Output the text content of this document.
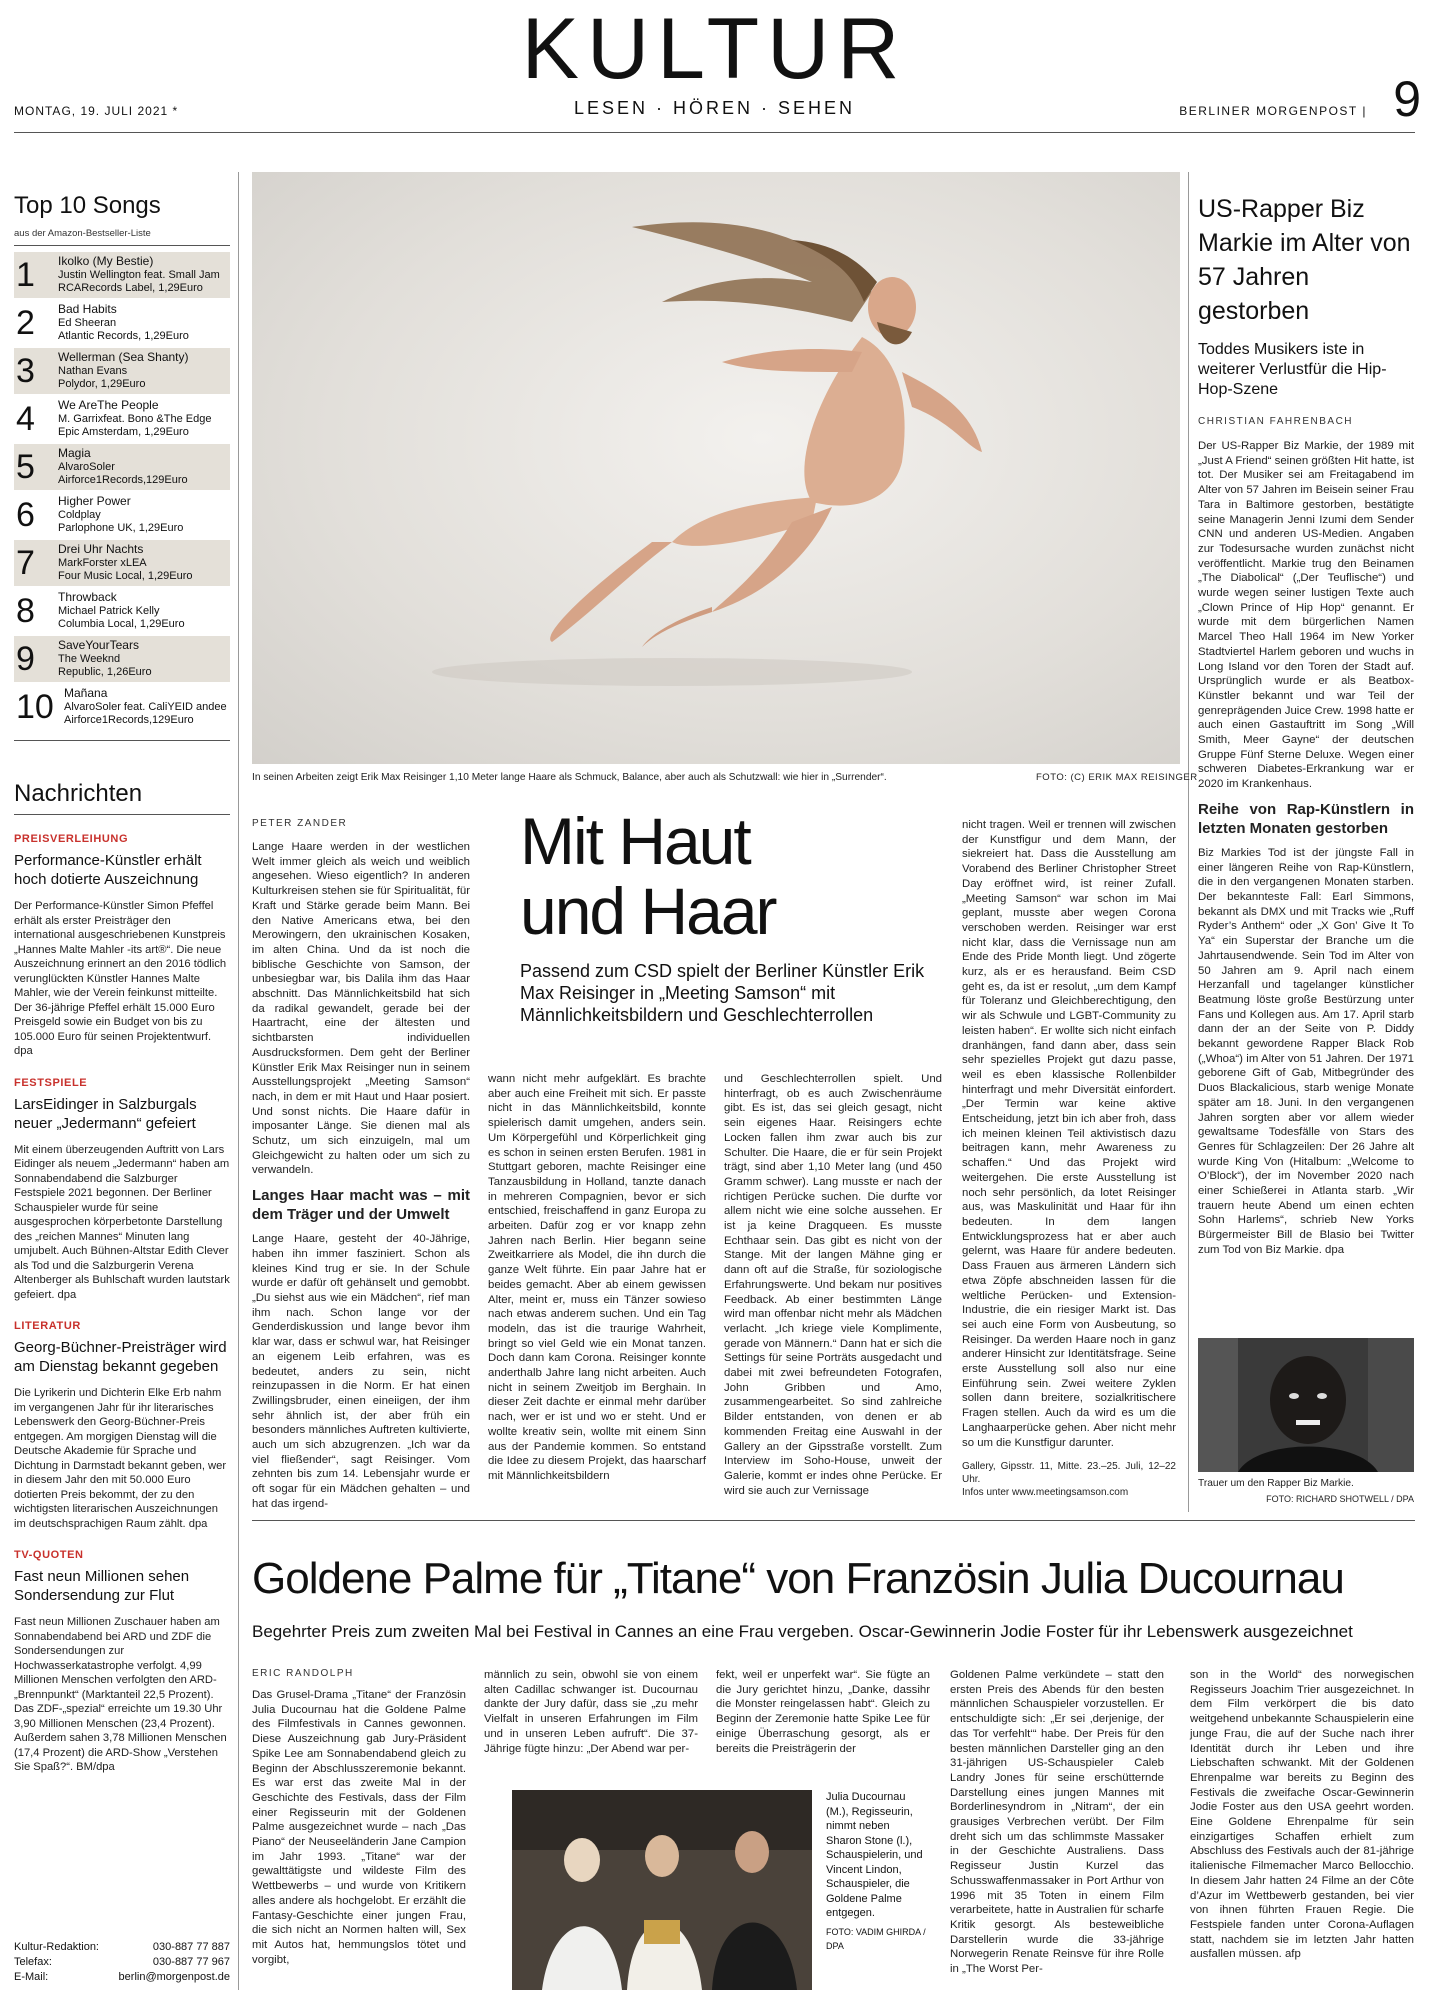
KULTUR
LESEN · HÖREN · SEHEN
MONTAG, 19. JULI 2021 *	BERLINER MORGENPOST | 9
Top 10 Songs
aus der Amazon-Bestseller-Liste
1 Ikolko (My Bestie)
Justin Wellington feat. Small Jam
RCARecords Label, 1,29Euro
2 Bad Habits
Ed Sheeran
Atlantic Records, 1,29Euro
3 Wellerman (Sea Shanty)
Nathan Evans
Polydor, 1,29Euro
4 We AreThe People
M. Garrixfeat. Bono &The Edge
Epic Amsterdam, 1,29Euro
5 Magia
AlvaroSoler
Airforce1Records,129Euro
6 Higher Power
Coldplay
Parlophone UK, 1,29Euro
7 Drei Uhr Nachts
MarkForster xLEA
Four Music Local, 1,29Euro
8 Throwback
Michael Patrick Kelly
Columbia Local, 1,29Euro
9 SaveYourTears
The Weeknd
Republic, 1,26Euro
10 Mañana
AlvaroSoler feat. CaliYEID andee
Airforce1Records,129Euro
Nachrichten
PREISVERLEIHUNG
Performance-Künstler erhält hoch dotierte Auszeichnung
Der Performance-Künstler Simon Pfeffel erhält als erster Preisträger den international ausgeschriebenen Kunstpreis „Hannes Malte Mahler -its art®“. Die neue Auszeichnung erinnert an den 2016 tödlich verunglückten Künstler Hannes Malte Mahler, wie der Verein feinkunst mitteilte. Der 36-jährige Pfeffel erhält 15.000 Euro Preisgeld sowie ein Budget von bis zu 105.000 Euro für seinen Projektentwurf. dpa
FESTSPIELE
LarsEidinger in Salzburgals neuer „Jedermann“ gefeiert
Mit einem überzeugenden Auftritt von Lars Eidinger als neuem „Jedermann“ haben am Sonnabendabend die Salzburger Festspiele 2021 begonnen. Der Berliner Schauspieler wurde für seine ausgesprochen körperbetonte Darstellung des „reichen Mannes“ Minuten lang umjubelt. Auch Bühnen-Altstar Edith Clever als Tod und die Salzburgerin Verena Altenberger als Buhlschaft wurden lautstark gefeiert. dpa
LITERATUR
Georg-Büchner-Preisträger wird am Dienstag bekannt gegeben
Die Lyrikerin und Dichterin Elke Erb nahm im vergangenen Jahr für ihr literarisches Lebenswerk den Georg-Büchner-Preis entgegen. Am morgigen Dienstag will die Deutsche Akademie für Sprache und Dichtung in Darmstadt bekannt geben, wer in diesem Jahr den mit 50.000 Euro dotierten Preis bekommt, der zu den wichtigsten literarischen Auszeichnungen im deutschsprachigen Raum zählt. dpa
TV-QUOTEN
Fast neun Millionen sehen Sondersendung zur Flut
Fast neun Millionen Zuschauer haben am Sonnabendabend bei ARD und ZDF die Sondersendungen zur Hochwasserkatastrophe verfolgt. 4,99 Millionen Menschen verfolgten den ARD-„Brennpunkt“ (Marktanteil 22,5 Prozent). Das ZDF-„spezial“ erreichte um 19.30 Uhr 3,90 Millionen Menschen (23,4 Prozent). Außerdem sahen 3,78 Millionen Menschen (17,4 Prozent) die ARD-Show „Verstehen Sie Spaß?“. BM/dpa
Kultur-Redaktion:	030-887 77 887
Telefax:	030-887 77 967
E-Mail:	berlin@morgenpost.de
In seinen Arbeiten zeigt Erik Max Reisinger 1,10 Meter lange Haare als Schmuck, Balance, aber auch als Schutzwall: wie hier in „Surrender“.	FOTO: (C) ERIK MAX REISINGER
PETER ZANDER

Lange Haare werden in der westlichen Welt immer gleich als weich und weiblich angesehen. Wieso eigentlich? In anderen Kulturkreisen stehen sie für Spiritualität, für Kraft und Stärke gerade beim Mann. Bei den Native Americans etwa, bei den Merowingern, den ukrainischen Kosaken, im alten China. Und da ist noch die biblische Geschichte von Samson, der unbesiegbar war, bis Dalila ihm das Haar abschnitt. Das Männlichkeitsbild hat sich da radikal gewandelt, gerade bei der Haartracht, eine der ältesten und sichtbarsten individuellen Ausdrucksformen. Dem geht der Berliner Künstler Erik Max Reisinger nun in seinem Ausstellungsprojekt „Meeting Samson“ nach, in dem er mit Haut und Haar posiert. Und sonst nichts. Die Haare dafür in imposanter Länge. Sie dienen mal als Schutz, um sich einzuigeln, mal um Gleichgewicht zu halten oder um sich zu verwandeln.

Langes Haar macht was – mit dem Träger und der Umwelt

Lange Haare, gesteht der 40-Jährige, haben ihn immer fasziniert. Schon als kleines Kind trug er sie. In der Schule wurde er dafür oft gehänselt und gemobbt. „Du siehst aus wie ein Mädchen“, rief man ihm nach. Schon lange vor der Genderdiskussion und lange bevor ihm klar war, dass er schwul war, hat Reisinger an eigenem Leib erfahren, was es bedeutet, anders zu sein, nicht reinzupassen in die Norm. Er hat einen Zwillingsbruder, einen eineiigen, der ihm sehr ähnlich ist, der aber früh ein besonders männliches Auftreten kultivierte, auch um sich abzugrenzen. „Ich war da viel fließender“, sagt Reisinger. Vom zehnten bis zum 14. Lebensjahr wurde er oft sogar für ein Mädchen gehalten – und hat das irgend-

Mit Haut
und Haar
Passend zum CSD spielt der Berliner Künstler Erik Max Reisinger in „Meeting Samson“ mit Männlichkeitsbildern und Geschlechterrollen

wann nicht mehr aufgeklärt. Es brachte aber auch eine Freiheit mit sich. Er passte nicht in das Männlichkeitsbild, konnte spielerisch damit umgehen, anders sein. Um Körpergefühl und Körperlichkeit ging es schon in seinen ersten Berufen. 1981 in Stuttgart geboren, machte Reisinger eine Tanzausbildung in Holland, tanzte danach in mehreren Compagnien, bevor er sich entschied, freischaffend in ganz Europa zu arbeiten. Dafür zog er vor knapp zehn Jahren nach Berlin. Hier begann seine Zweitkarriere als Model, die ihn durch die ganze Welt führte. Ein paar Jahre hat er beides gemacht. Aber ab einem gewissen Alter, meint er, muss ein Tänzer sowieso nach etwas anderem suchen. Und ein Tag modeln, das ist die traurige Wahrheit, bringt so viel Geld wie ein Monat tanzen. Doch dann kam Corona. Reisinger konnte anderthalb Jahre lang nicht arbeiten. Auch nicht in seinem Zweitjob im Berghain. In dieser Zeit dachte er einmal mehr darüber nach, wer er ist und wo er steht. Und er wollte kreativ sein, wollte mit einem Sinn aus der Pandemie kommen. So entstand die Idee zu diesem Projekt, das haarscharf mit Männlichkeitsbildern

und Geschlechterrollen spielt. Und hinterfragt, ob es auch Zwischenräume gibt. Es ist, das sei gleich gesagt, nicht sein eigenes Haar. Reisingers echte Locken fallen ihm zwar auch bis zur Schulter. Die Haare, die er für sein Projekt trägt, sind aber 1,10 Meter lang (und 450 Gramm schwer). Lang musste er nach der richtigen Perücke suchen. Die durfte vor allem nicht wie eine solche aussehen. Er ist ja keine Dragqueen. Es musste Echthaar sein. Das gibt es nicht von der Stange. Mit der langen Mähne ging er dann oft auf die Straße, für soziologische Erfahrungswerte. Und bekam nur positives Feedback. Ab einer bestimmten Länge wird man offenbar nicht mehr als Mädchen verlacht. „Ich kriege viele Komplimente, gerade von Männern.“ Dann hat er sich die Settings für seine Porträts ausgedacht und dabei mit zwei befreundeten Fotografen, John Gribben und Amo, zusammengearbeitet. So sind zahlreiche Bilder entstanden, von denen er ab kommenden Freitag eine Auswahl in der Gallery an der Gipsstraße vorstellt. Zum Interview im Soho-House, unweit der Galerie, kommt er indes ohne Perücke. Er wird sie auch zur Vernissage

nicht tragen. Weil er trennen will zwischen der Kunstfigur und dem Mann, der siekreiert hat. Dass die Ausstellung am Vorabend des Berliner Christopher Street Day eröffnet wird, ist reiner Zufall. „Meeting Samson“ war schon im Mai geplant, musste aber wegen Corona verschoben werden. Reisinger war erst nicht klar, dass die Vernissage nun am Ende des Pride Month liegt. Und zögerte kurz, als er es herausfand. Beim CSD geht es, da ist er resolut, „um dem Kampf für Toleranz und Gleichberechtigung, den wir als Schwule und LGBT-Community zu leisten haben“. Er wollte sich nicht einfach dranhängen, fand dann aber, dass sein sehr spezielles Projekt gut dazu passe, weil es eben klassische Rollenbilder hinterfragt und mehr Diversität einfordert. „Der Termin war keine aktive Entscheidung, jetzt bin ich aber froh, dass ich meinen kleinen Teil aktivistisch dazu beitragen kann, mehr Awareness zu schaffen.“ Und das Projekt wird weitergehen. Die erste Ausstellung ist noch sehr persönlich, da lotet Reisinger aus, was Maskulinität und Haar für ihn bedeuten. In dem langen Entwicklungsprozess hat er aber auch gelernt, was Haare für andere bedeuten. Dass Frauen aus ärmeren Ländern sich etwa Zöpfe abschneiden lassen für die weltliche Perücken- und Extension-Industrie, die ein riesiger Markt ist. Das sei auch eine Form von Ausbeutung, so Reisinger. Da werden Haare noch in ganz anderer Hinsicht zur Identitätsfrage. Seine erste Ausstellung soll also nur eine Einführung sein. Zwei weitere Zyklen sollen dann breitere, sozialkritischere Fragen stellen. Auch da wird es um die Langhaarperücke gehen. Aber nicht mehr so um die Kunstfigur darunter.

Gallery, Gipsstr. 11, Mitte. 23.–25. Juli, 12–22 Uhr.
Infos unter www.meetingsamson.com
US-Rapper Biz Markie im Alter von 57 Jahren gestorben
Toddes Musikers iste in weiterer Verlustfür die Hip-Hop-Szene
CHRISTIAN FAHRENBACH

Der US-Rapper Biz Markie, der 1989 mit „Just A Friend“ seinen größten Hit hatte, ist tot. Der Musiker sei am Freitagabend im Alter von 57 Jahren im Beisein seiner Frau Tara in Baltimore gestorben, bestätigte seine Managerin Jenni Izumi dem Sender CNN und anderen US-Medien. Angaben zur Todesursache wurden zunächst nicht veröffentlicht. Markie trug den Beinamen „The Diabolical“ („Der Teuflische“) und wurde wegen seiner lustigen Texte auch „Clown Prince of Hip Hop“ genannt. Er wurde mit dem bürgerlichen Namen Marcel Theo Hall 1964 im New Yorker Stadtviertel Harlem geboren und wuchs in Long Island vor den Toren der Stadt auf. Ursprünglich wurde er als Beatbox-Künstler bekannt und war Teil der genreprägenden Juice Crew. 1998 hatte er auch einen Gastauftritt im Song „Will Smith, Meer Gayne“ der deutschen Gruppe Fünf Sterne Deluxe. Wegen einer schweren Diabetes-Erkrankung war er 2020 im Krankenhaus.

Reihe von Rap-Künstlern in letzten Monaten gestorben

Biz Markies Tod ist der jüngste Fall in einer längeren Reihe von Rap-Künstlern, die in den vergangenen Monaten starben. Der bekannteste Fall: Earl Simmons, bekannt als DMX und mit Tracks wie „Ruff Ryder’s Anthem“ oder „X Gon’ Give It To Ya“ ein Superstar der Branche um die Jahrtausendwende. Sein Tod im Alter von 50 Jahren am 9. April nach einem Herzanfall und tagelanger künstlicher Beatmung löste große Bestürzung unter Fans und Kollegen aus. Am 17. April starb dann der an der Seite von P. Diddy bekannt gewordene Rapper Black Rob („Whoa“) im Alter von 51 Jahren. Der 1971 geborene Gift of Gab, Mitbegründer des Duos Blackalicious, starb wenige Monate später am 18. Juni. In den vergangenen Jahren sorgten aber vor allem wieder gewaltsame Todesfälle von Stars des Genres für Schlagzeilen: Der 26 Jahre alt wurde King Von (Hitalbum: „Welcome to O’Block“), der im November 2020 nach einer Schießerei in Atlanta starb. „Wir trauern heute Abend um einen echten Sohn Harlems“, schrieb New Yorks Bürgermeister Bill de Blasio bei Twitter zum Tod von Biz Markie. dpa

Trauer um den Rapper Biz Markie.
FOTO: RICHARD SHOTWELL / DPA
Goldene Palme für „Titane“ von Französin Julia Ducournau
Begehrter Preis zum zweiten Mal bei Festival in Cannes an eine Frau vergeben. Oscar-Gewinnerin Jodie Foster für ihr Lebenswerk ausgezeichnet
ERIC RANDOLPH

Das Grusel-Drama „Titane“ der Französin Julia Ducournau hat die Goldene Palme des Filmfestivals in Cannes gewonnen. Diese Auszeichnung gab Jury-Präsident Spike Lee am Sonnabendabend gleich zu Beginn der Abschlusszeremonie bekannt. Es war erst das zweite Mal in der Geschichte des Festivals, dass der Film einer Regisseurin mit der Goldenen Palme ausgezeichnet wurde – nach „Das Piano“ der Neuseeländerin Jane Campion im Jahr 1993. „Titane“ war der gewalttätigste und wildeste Film des Wettbewerbs – und wurde von Kritikern alles andere als hochgelobt. Er erzählt die Fantasy-Geschichte einer jungen Frau, die sich nicht an Normen halten will, Sex mit Autos hat, hemmungslos tötet und vorgibt,

männlich zu sein, obwohl sie von einem alten Cadillac schwanger ist. Ducournau dankte der Jury dafür, dass sie „zu mehr Vielfalt in unseren Erfahrungen im Film und in unseren Leben aufruft“. Die 37-Jährige fügte hinzu: „Der Abend war per-

fekt, weil er unperfekt war“. Sie fügte an die Jury gerichtet hinzu, „Danke, dassihr die Monster reingelassen habt“. Gleich zu Beginn der Zeremonie hatte Spike Lee für einige Überraschung gesorgt, als er bereits die Preisträgerin der

Julia Ducournau (M.), Regisseurin, nimmt neben Sharon Stone (l.), Schauspielerin, und Vincent Lindon, Schauspieler, die Goldene Palme entgegen.
FOTO: VADIM GHIRDA / DPA

Goldenen Palme verkündete – statt den ersten Preis des Abends für den besten männlichen Schauspieler vorzustellen. Er entschuldigte sich: „Er sei ‚derjenige, der das Tor verfehlt‘“ habe. Der Preis für den besten männlichen Darsteller ging an den 31-jährigen US-Schauspieler Caleb Landry Jones für seine erschütternde Darstellung eines jungen Mannes mit Borderlinesyndrom in „Nitram“, der ein grausiges Verbrechen verübt. Der Film dreht sich um das schlimmste Massaker in der Geschichte Australiens. Dass Regisseur Justin Kurzel das Schusswaffenmassaker in Port Arthur von 1996 mit 35 Toten in einem Film verarbeitete, hatte in Australien für scharfe Kritik gesorgt. Als besteweibliche Darstellerin wurde die 33-jährige Norwegerin Renate Reinsve für ihre Rolle in „The Worst Per-

son in the World“ des norwegischen Regisseurs Joachim Trier ausgezeichnet. In dem Film verkörpert die bis dato weitgehend unbekannte Schauspielerin eine junge Frau, die auf der Suche nach ihrer Identität durch ihr Leben und ihre Liebschaften schwankt. Mit der Goldenen Ehrenpalme war bereits zu Beginn des Festivals die zweifache Oscar-Gewinnerin Jodie Foster aus den USA geehrt worden. Eine Goldene Ehrenpalme für sein einzigartiges Schaffen erhielt zum Abschluss des Festivals auch der 81-jährige italienische Filmemacher Marco Bellocchio. In diesem Jahr hatten 24 Filme an der Côte d’Azur im Wettbewerb gestanden, bei vier von ihnen führten Frauen Regie. Die Festspiele fanden unter Corona-Auflagen statt, nachdem sie im letzten Jahr hatten ausfallen müssen. afp
